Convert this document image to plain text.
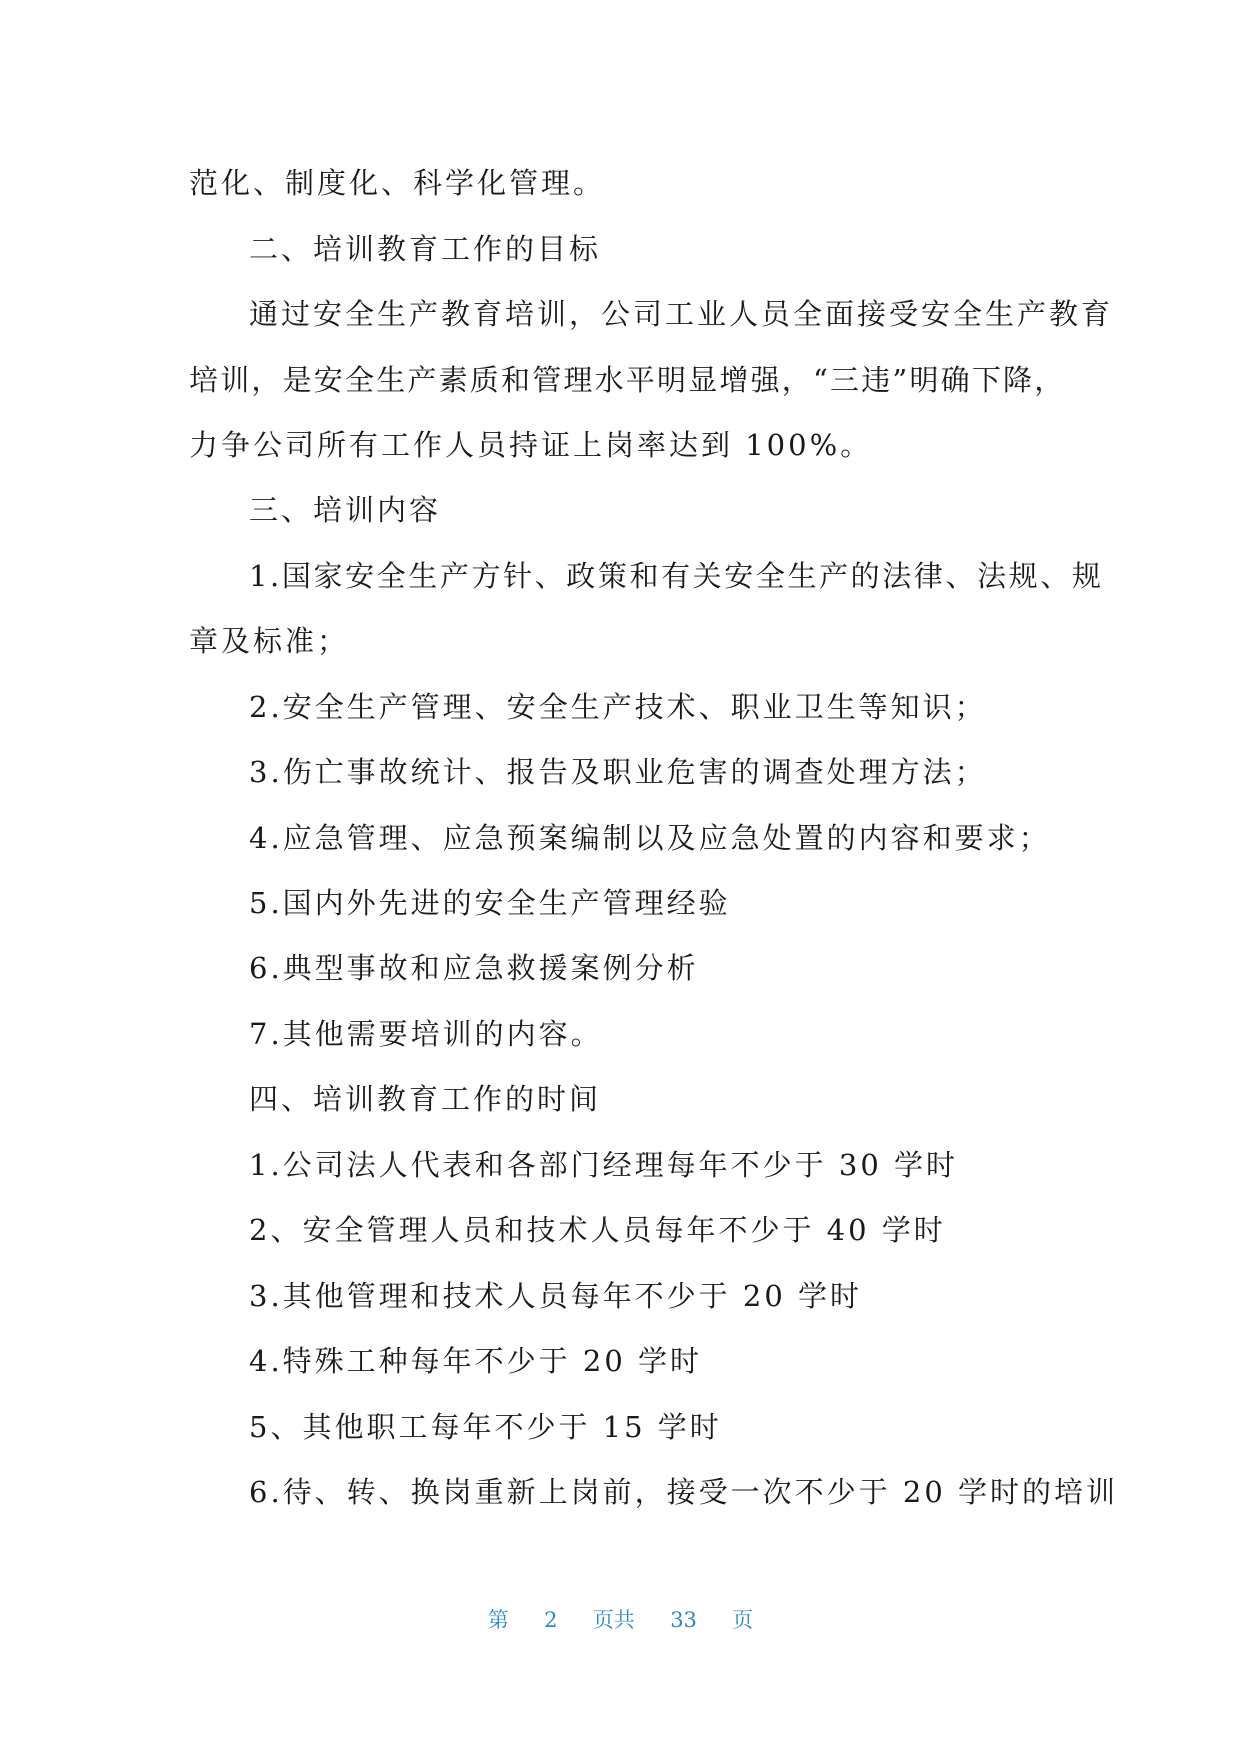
范化、制度化、科学化管理。
二、培训教育工作的目标
通过安全生产教育培训，公司工业人员全面接受安全生产教育
培训，是安全生产素质和管理水平明显增强，“三违”明确下降，
力争公司所有工作人员持证上岗率达到 100%。
三、培训内容
1.国家安全生产方针、政策和有关安全生产的法律、法规、规
章及标准；
2.安全生产管理、安全生产技术、职业卫生等知识；
3.伤亡事故统计、报告及职业危害的调查处理方法；
4.应急管理、应急预案编制以及应急处置的内容和要求；
5.国内外先进的安全生产管理经验
6.典型事故和应急救援案例分析
7.其他需要培训的内容。
四、培训教育工作的时间
1.公司法人代表和各部门经理每年不少于 30 学时
2、安全管理人员和技术人员每年不少于 40 学时
3.其他管理和技术人员每年不少于 20 学时
4.特殊工种每年不少于 20 学时
5、其他职工每年不少于 15 学时
6.待、转、换岗重新上岗前，接受一次不少于 20 学时的培训
第 2 页共 33 页
